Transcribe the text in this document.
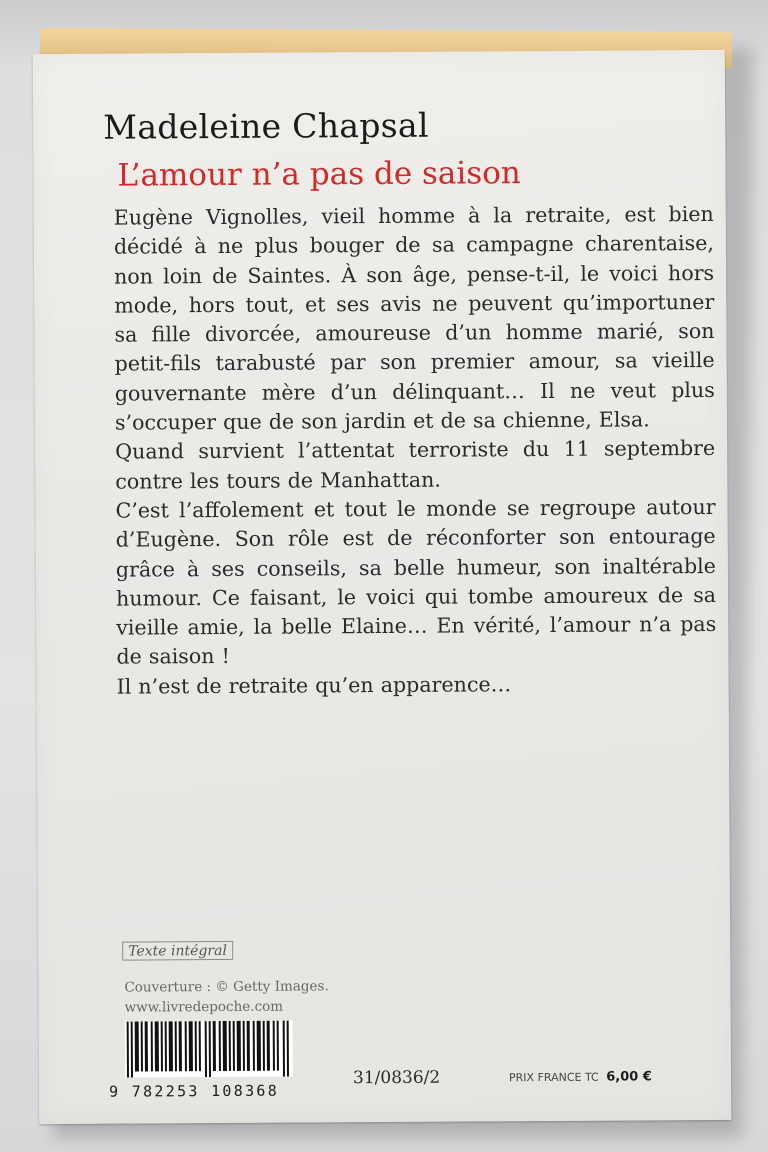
Madeleine Chapsal
L’amour n’a pas de saison

Eugène Vignolles, vieil homme à la retraite, est bien décidé à ne plus bouger de sa campagne charentaise, non loin de Saintes. À son âge, pense-t-il, le voici hors mode, hors tout, et ses avis ne peuvent qu’importuner sa fille divorcée, amoureuse d’un homme marié, son petit-fils tarabusté par son premier amour, sa vieille gouvernante mère d’un délinquant… Il ne veut plus s’occuper que de son jardin et de sa chienne, Elsa.

Quand survient l’attentat terroriste du 11 septembre contre les tours de Manhattan.

C’est l’affolement et tout le monde se regroupe autour d’Eugène. Son rôle est de réconforter son entourage grâce à ses conseils, sa belle humeur, son inaltérable humour. Ce faisant, le voici qui tombe amoureux de sa vieille amie, la belle Elaine… En vérité, l’amour n’a pas de saison !

Il n’est de retraite qu’en apparence…

Texte intégral
Couverture : © Getty Images.
www.livredepoche.com
9 782253 108368
31/0836/2	PRIX FRANCE TC 6,00 €
